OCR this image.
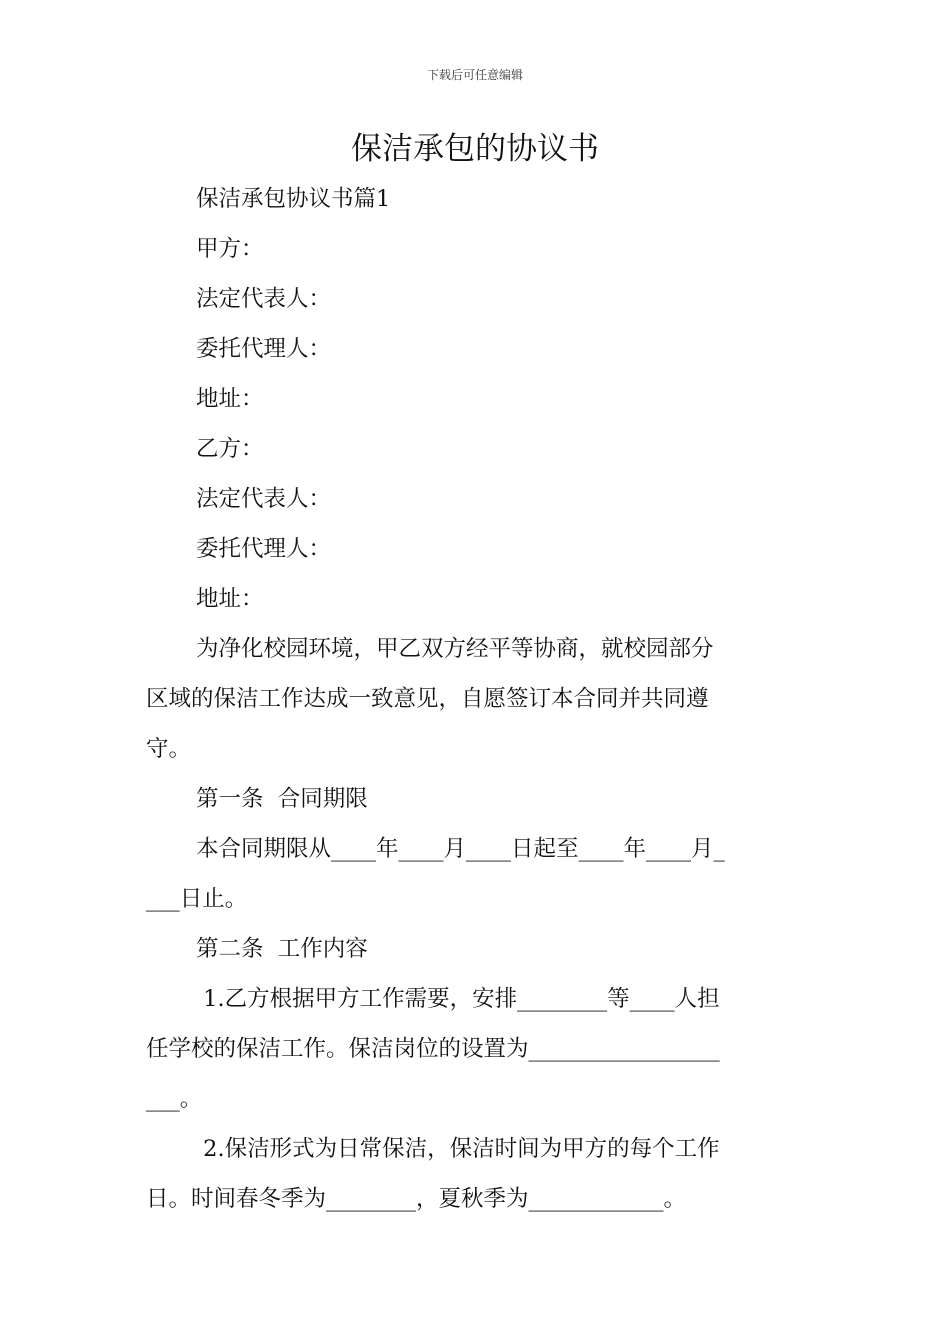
下载后可任意编辑
保洁承包的协议书
保洁承包协议书篇1
甲方：
法定代表人：
委托代理人：
地址：
乙方：
法定代表人：
委托代理人：
地址：
为净化校园环境，甲乙双方经平等协商，就校园部分
区域的保洁工作达成一致意见，自愿签订本合同并共同遵
守。
第一条  合同期限
本合同期限从____年____月____日起至____年____月_
___日止。
第二条  工作内容
1.乙方根据甲方工作需要，安排________等____人担
任学校的保洁工作。保洁岗位的设置为_________________
___。
2.保洁形式为日常保洁，保洁时间为甲方的每个工作
日。时间春冬季为________，夏秋季为____________。
